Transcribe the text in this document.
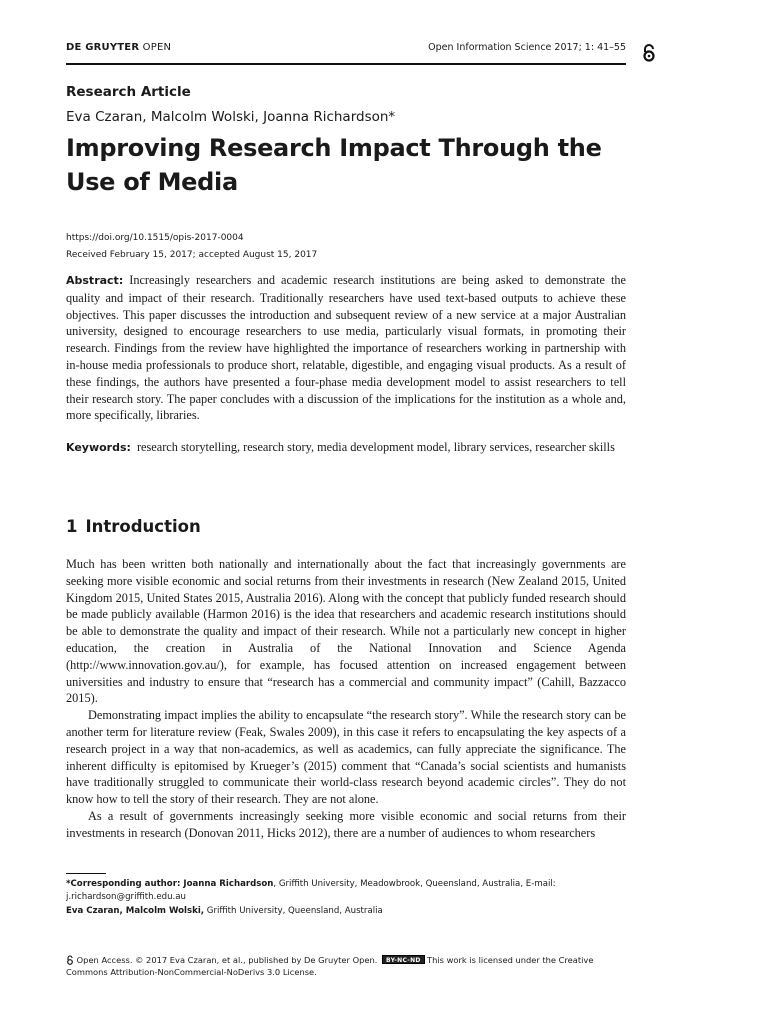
DE GRUYTER OPEN	Open Information Science 2017; 1: 41–55
Research Article
Eva Czaran, Malcolm Wolski, Joanna Richardson*
Improving Research Impact Through the Use of Media
https://doi.org/10.1515/opis-2017-0004
Received February 15, 2017; accepted August 15, 2017
Abstract: Increasingly researchers and academic research institutions are being asked to demonstrate the quality and impact of their research. Traditionally researchers have used text-based outputs to achieve these objectives. This paper discusses the introduction and subsequent review of a new service at a major Australian university, designed to encourage researchers to use media, particularly visual formats, in promoting their research. Findings from the review have highlighted the importance of researchers working in partnership with in-house media professionals to produce short, relatable, digestible, and engaging visual products. As a result of these findings, the authors have presented a four-phase media development model to assist researchers to tell their research story. The paper concludes with a discussion of the implications for the institution as a whole and, more specifically, libraries.
Keywords: research storytelling, research story, media development model, library services, researcher skills
1 Introduction

Much has been written both nationally and internationally about the fact that increasingly governments are seeking more visible economic and social returns from their investments in research (New Zealand 2015, United Kingdom 2015, United States 2015, Australia 2016). Along with the concept that publicly funded research should be made publicly available (Harmon 2016) is the idea that researchers and academic research institutions should be able to demonstrate the quality and impact of their research. While not a particularly new concept in higher education, the creation in Australia of the National Innovation and Science Agenda (http://www.innovation.gov.au/), for example, has focused attention on increased engagement between universities and industry to ensure that “research has a commercial and community impact” (Cahill, Bazzacco 2015).

Demonstrating impact implies the ability to encapsulate “the research story”. While the research story can be another term for literature review (Feak, Swales 2009), in this case it refers to encapsulating the key aspects of a research project in a way that non-academics, as well as academics, can fully appreciate the significance. The inherent difficulty is epitomised by Krueger’s (2015) comment that “Canada’s social scientists and humanists have traditionally struggled to communicate their world-class research beyond academic circles”. They do not know how to tell the story of their research. They are not alone.

As a result of governments increasingly seeking more visible economic and social returns from their investments in research (Donovan 2011, Hicks 2012), there are a number of audiences to whom researchers

*Corresponding author: Joanna Richardson, Griffith University, Meadowbrook, Queensland, Australia, E-mail: j.richardson@griffith.edu.au
Eva Czaran, Malcolm Wolski, Griffith University, Queensland, Australia
Open Access. © 2017 Eva Czaran, et al., published by De Gruyter Open. BY-NC-ND This work is licensed under the Creative Commons Attribution-NonCommercial-NoDerivs 3.0 License.
